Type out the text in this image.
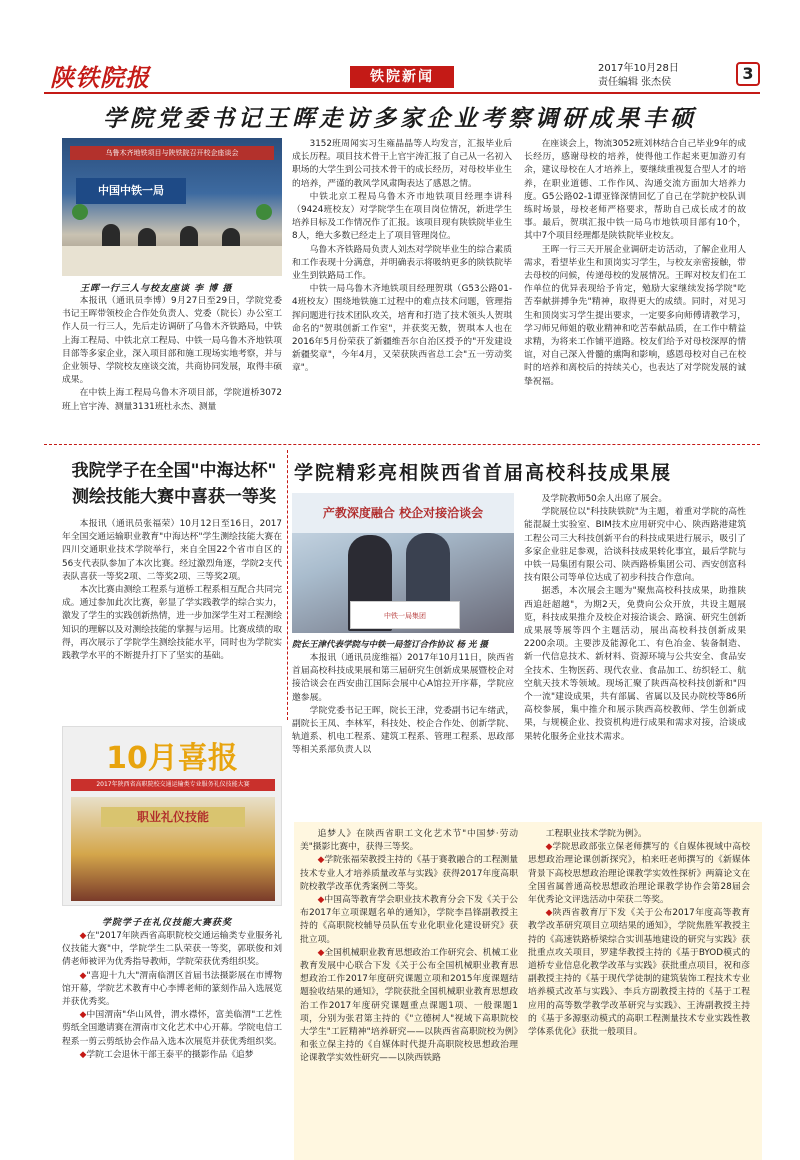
陕铁院报	铁院新闻
2017年10月28日
责任编辑 张杰侯	3
学院党委书记王晖走访多家企业考察调研成果丰硕
乌鲁木齐地铁项目与陕铁院召开校企座谈会
中国中铁一局
王晖一行三人与校友座谈 李 博 摄

本报讯（通讯员李博）9月27日至29日，学院党委书记王晖带领校企合作处负责人、党委（院长）办公室工作人员一行三人，先后走访调研了乌鲁木齐铁路局，中铁上海工程局、中铁北京工程局、中铁一局乌鲁木齐地铁项目部等多家企业，深入项目部和施工现场实地考察，并与企业领导、学院校友座谈交流，共商协同发展，取得丰硕成果。

在中铁上海工程局乌鲁木齐项目部，学院道桥3072班上官宇涛、测量3131班杜永杰、测量

3152班周闻实习生雍晶晶等人均发言，汇报毕业后成长历程。项目技术骨干上官宇涛汇报了自己从一名初入职场的大学生到公司技术骨干的成长经历，对母校毕业生的培养，严谨的教风学风肃陶表达了感恩之情。

中铁北京工程局乌鲁木齐市地铁项目经理李讲科（9424班校友）对学院学生在项目岗位情况，新进学生培养目标及工作情况作了汇报。该项目现有陕铁院毕业生8人，绝大多数已经走上了项目管理岗位。

乌鲁木齐铁路局负责人刘杰对学院毕业生的综合素质和工作表现十分满意，并明确表示将吸纳更多的陕铁院毕业生到铁路局工作。

中铁一局乌鲁木齐地铁项目经理贺琪（G53公路01-4班校友）围绕地铁施工过程中的难点技术问题，管理指挥问题进行技术团队攻关，培育和打造了技术领头人贺琪命名的"贺琪创新工作室"，并获奖无数，贺琪本人也在2016年5月份荣获了新疆维吾尔自治区授予的"开发建设新疆奖章"，今年4月，又荣获陕西省总工会"五一劳动奖章"。

在座谈会上，物流3052班刘林结合自己毕业9年的成长经历，感谢母校的培养，使得他工作起来更加游刃有余，建议母校在人才培养上，要继续重视复合型人才的培养，在职业道德、工作作风、沟通交流方面加大培养力度。G5公路02-1谭亚锋深情回忆了自己在学院护校队训练时场景，母校老师严格要求，帮助自己成长成才的故事。最后，贺琪汇报中铁一局乌市地铁项目部有10个，其中7个项目经理都是陕铁院毕业校友。

王晖一行三天开展企业调研走访活动，了解企业用人需求，看望毕业生和顶岗实习学生，与校友亲密接触，带去母校的问候，传递母校的发展情况。王晖对校友们在工作单位的优异表现给予肯定，勉励大家继续发扬学院"吃苦奉献拼搏争先"精神，取得更大的成绩。同时，对见习生和顶岗实习学生提出要求，一定要多向师傅请教学习，学习师兄师姐的敬业精神和吃苦奉献品质，在工作中精益求精，为将来工作铺平道路。校友们给予对母校深厚的情谊，对自己深入骨髓的熏陶和影响，感恩母校对自己在校时的培养和离校后的持续关心，也表达了对学院发展的诚挚祝福。

我院学子在全国"中海达杯"
测绘技能大赛中喜获一等奖

本报讯（通讯员张福荣）10月12日至16日，2017年全国交通运输职业教育"中海达杯"学生测绘技能大赛在四川交通职业技术学院举行，来自全国22个省市自区的56支代表队参加了本次比赛。经过激烈角逐，学院2支代表队喜获一等奖2项、二等奖2项、三等奖2项。

本次比赛由测绘工程系与道桥工程系相互配合共同完成。通过参加此次比赛，彰显了学实践教学的综合实力，激发了学生的实践创新热情，进一步加深学生对工程测绘知识的理解以及对测绘技能的掌握与运用。比赛成绩的取得，再次展示了学院学生测绘技能水平，同时也为学院实践教学水平的不断提升打下了坚实的基础。

学院精彩亮相陕西省首届高校科技成果展
产教深度融合 校企对接洽谈会
中铁一局集团
院长王津代表学院与中铁一局签订合作协议 杨 光 摄

本报讯（通讯员庞维福）2017年10月11日，陕西省首届高校科技成果展和第三届研究生创新成果展暨校企对接洽谈会在西安曲江国际会展中心A馆拉开序幕，学院应邀参展。

学院党委书记王晖，院长王津，党委副书记车绪武，副院长王凤、李林军，科技处、校企合作处、创新学院、轨道系、机电工程系、建筑工程系、管理工程系、思政部等相关系部负责人以

及学院教师50余人出席了展会。

学院展位以"科技陕铁院"为主题，着重对学院的高性能混凝土实验室、BIM技术应用研究中心、陕西路港建筑工程公司三大科技创新平台的科技成果进行展示，吸引了多家企业驻足参观，洽谈科技成果转化事宜，最后学院与中铁一局集团有限公司、陕西路桥集团公司、西安创富科技有限公司等单位达成了初步科技合作意向。

据悉，本次展会主题为"聚焦高校科技成果，助推陕西追赶超越"，为期2天，免费向公众开放，共设主题展览，科技成果推介及校企对接洽谈会、路演、研究生创新成果展等展等四个主题活动，展出高校科技创新成果2200余项。主要涉及能源化工、有色冶金、装备制造、新一代信息技术、新材料、资源环境与公共安全、食品安全技术、生物医药、现代农业、食品加工、纺织轻工、航空航天技术等领域。现场汇聚了陕西高校科技创新和"四个一流"建设成果，共有部属、省属以及民办院校等86所高校参展，集中推介和展示陕西高校教师、学生创新成果，与规模企业、投资机构进行成果和需求对接，洽谈成果转化服务企业技术需求。

10月喜报
2017年陕西省高职院校交通运输类专业服务礼仪技能大赛
职业礼仪技能
学院学子在礼仪技能大赛获奖

◆在"2017年陕西省高职院校交通运输类专业服务礼仪技能大赛"中，学院学生二队荣获一等奖，郭联俊和刘倩老师被评为优秀指导教师，学院荣获优秀组织奖。

◆"喜迎十九大"渭南临渭区首届书法摄影展在市博物馆开幕，学院艺术教育中心李博老师的篆刻作品入选展览并获优秀奖。

◆中国渭南"华山风骨，渭水襟怀，富美临渭"工艺性剪纸全国邀请赛在渭南市文化艺术中心开幕。学院电信工程系一剪云剪纸协会作品入选本次展览并获优秀组织奖。

◆学院工会退休干部王泰平的摄影作品《追梦

追梦人》在陕西省职工文化艺术节"中国梦·劳动美"摄影比赛中，获得三等奖。

◆学院张福荣教授主持的《基于赛教融合的工程测量技术专业人才培养质量改革与实践》获得2017年度高职院校教学改革优秀案例二等奖。

◆中国高等教育学会职业技术教育分会下发《关于公布2017年立项课题名单的通知》，学院李昌锋副教授主持的《高职院校辅导员队伍专业化职业化建设研究》获批立项。

◆全国机械职业教育思想政治工作研究会、机械工业教育发展中心联合下发《关于公布全国机械职业教育思想政治工作2017年度研究课题立项和2015年度课题结题验收结果的通知》，学院获批全国机械职业教育思想政治工作2017年度研究课题重点课题1项、一般课题1项，分别为张君第主持的《"立德树人"视域下高职院校大学生"工匠精神"培养研究——以陕西省高职院校为例》和张立保主持的《自媒体时代提升高职院校思想政治理论课教学实效性研究——以陕西铁路

工程职业技术学院为例》。

◆学院思政部张立保老师撰写的《自媒体视域中高校思想政治理论课创新探究》，柏来旺老师撰写的《新媒体背景下高校思想政治理论课教学实效性探析》两篇论文在全国省属普通高校思想政治理论课教学协作会第28届会年优秀论文评选活动中荣获二等奖。

◆陕西省教育厅下发《关于公布2017年度高等教育教学改革研究项目立项结果的通知》，学院焦胜军教授主持的《高速铁路桥梁综合实训基地建设的研究与实践》获批重点攻关项目，罗建华教授主持的《基于BYOD模式的道桥专业信息化教学改革与实践》获批重点项目，祝和彦副教授主持的《基于现代学徒制的建筑装饰工程技术专业培养模式改革与实践》、李兵方副教授主持的《基于工程应用的高等数学教学改革研究与实践》、王涛副教授主持的《基于多源驱动模式的高职工程测量技术专业实践性教学体系优化》获批一般项目。
